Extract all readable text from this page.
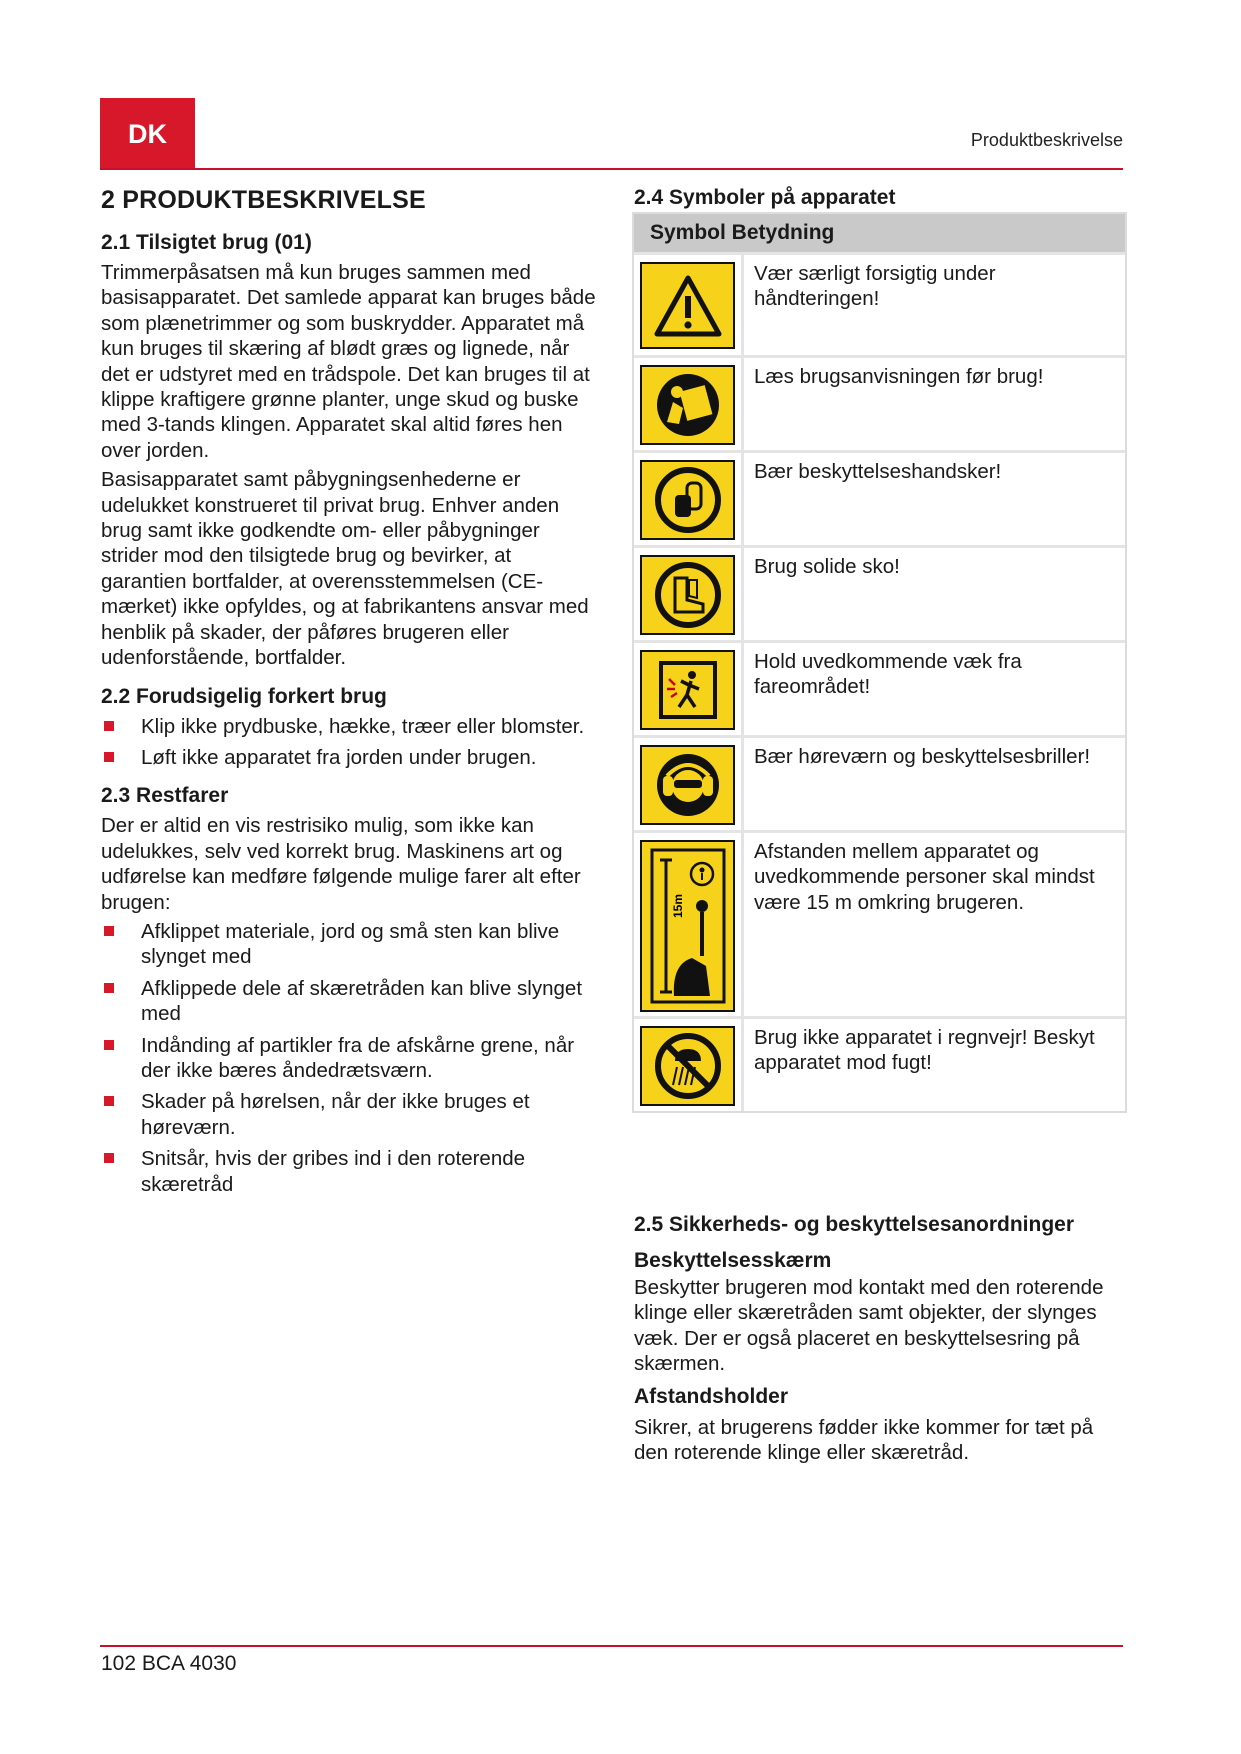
DK	Produktbeskrivelse
2 PRODUKTBESKRIVELSE
2.1 Tilsigtet brug (01)

Trimmerpåsatsen må kun bruges sammen med basisapparatet. Det samlede apparat kan bruges både som plænetrimmer og som buskrydder. Apparatet må kun bruges til skæring af blødt græs og lignede, når det er udstyret med en trådspole. Det kan bruges til at klippe kraftigere grønne planter, unge skud og buske med 3-tands klingen. Apparatet skal altid føres hen over jorden.

Basisapparatet samt påbygningsenhederne er udelukket konstrueret til privat brug. Enhver anden brug samt ikke godkendte om- eller påbygninger strider mod den tilsigtede brug og bevirker, at garantien bortfalder, at overensstemmelsen (CE-mærket) ikke opfyldes, og at fabrikantens ansvar med henblik på skader, der påføres brugeren eller udenforstående, bortfalder.

2.2 Forudsigelig forkert brug
Klip ikke prydbuske, hække, træer eller blomster.
Løft ikke apparatet fra jorden under brugen.
2.3 Restfarer

Der er altid en vis restrisiko mulig, som ikke kan udelukkes, selv ved korrekt brug. Maskinens art og udførelse kan medføre følgende mulige farer alt efter brugen:

Afklippet materiale, jord og små sten kan blive slynget med
Afklippede dele af skæretråden kan blive slynget med
Indånding af partikler fra de afskårne grene, når der ikke bæres åndedrætsværn.
Skader på hørelsen, når der ikke bruges et høreværn.
Snitsår, hvis der gribes ind i den roterende skæretråd
2.4 Symboler på apparatet
Symbol Betydning
Vær særligt forsigtig under håndteringen!
Læs brugsanvisningen før brug!
Bær beskyttelseshandsker!
Brug solide sko!
Hold uvedkommende væk fra fareområdet!
Bær høreværn og beskyttelsesbriller!
15m
Afstanden mellem apparatet og uvedkommende personer skal mindst være 15 m omkring brugeren.
Brug ikke apparatet i regnvejr! Beskyt apparatet mod fugt!
2.5 Sikkerheds- og beskyttelsesanordninger
Beskyttelsesskærm

Beskytter brugeren mod kontakt med den roterende klinge eller skæretråden samt objekter, der slynges væk. Der er også placeret en beskyttelsesring på skærmen.

Afstandsholder

Sikrer, at brugerens fødder ikke kommer for tæt på den roterende klinge eller skæretråd.

102 BCA 4030
